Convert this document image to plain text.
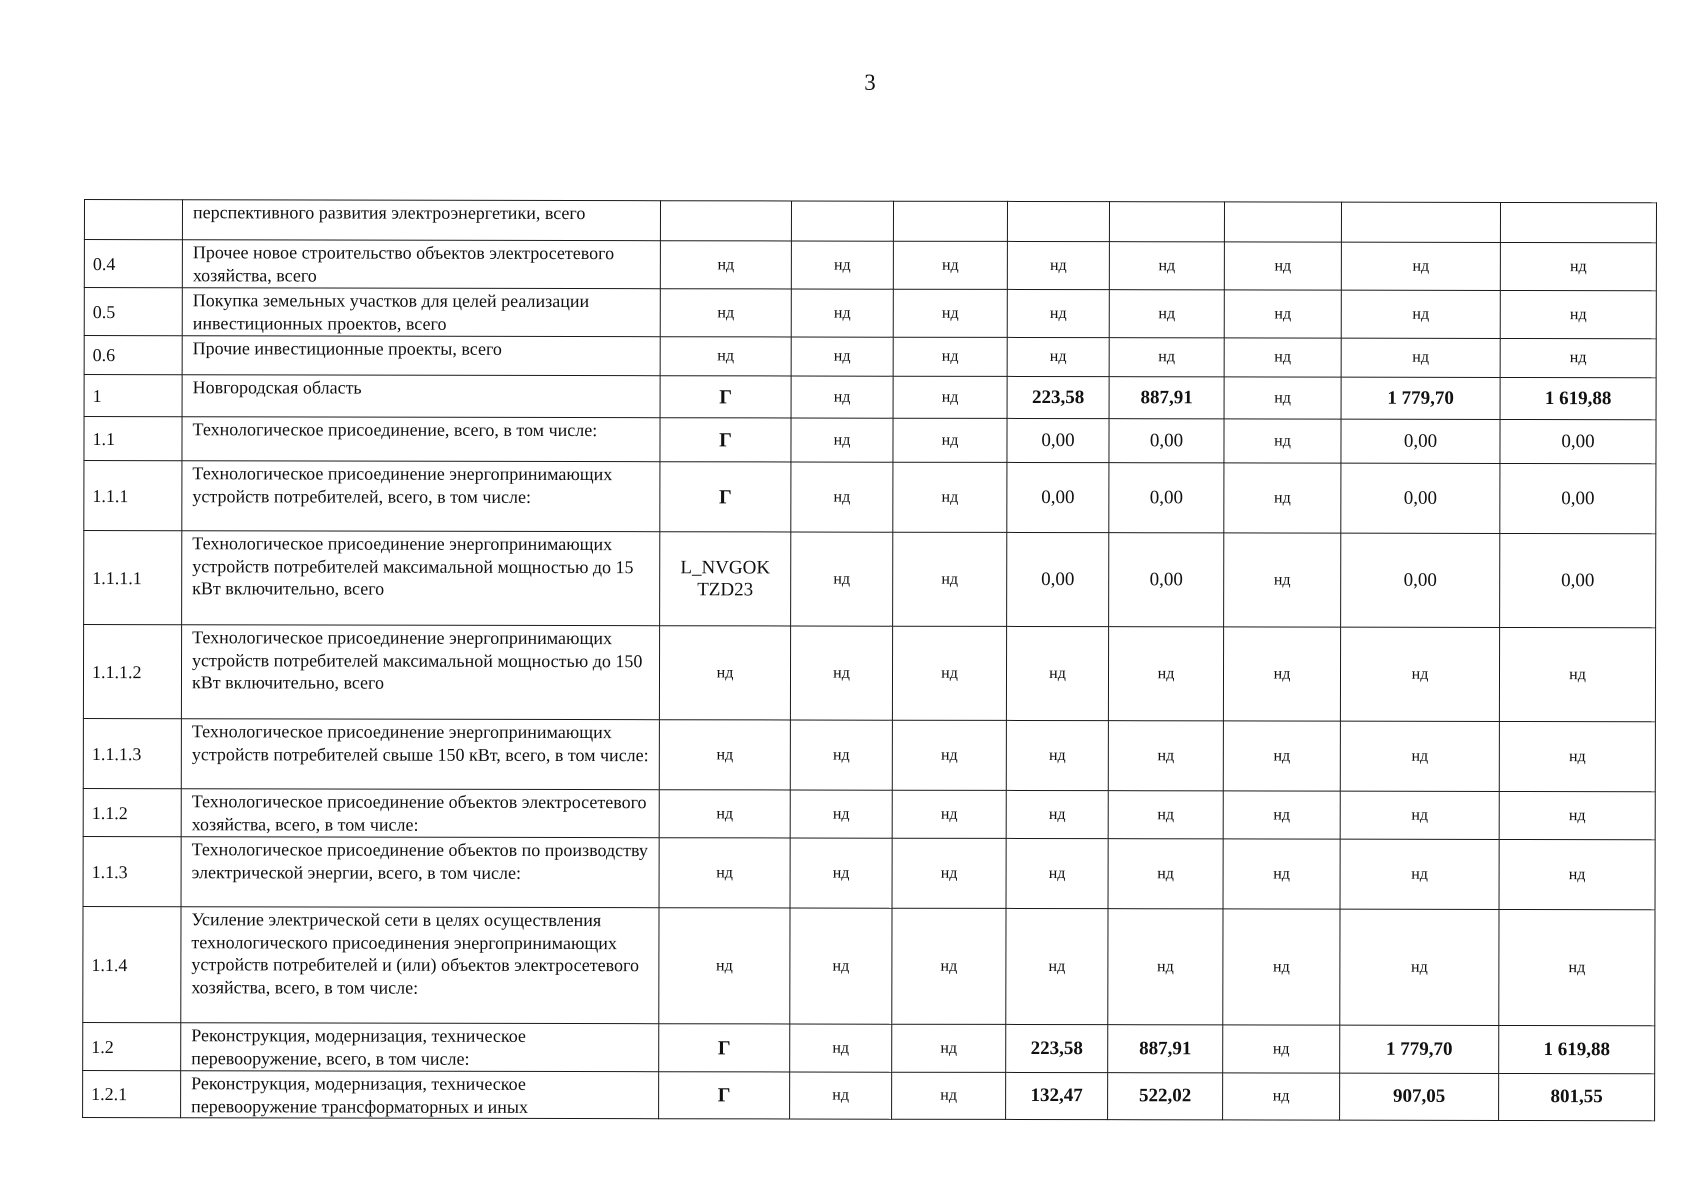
3
	перспективного развития электроэнергетики, всего								
0.4	Прочее новое строительство объектов электросетевого хозяйства, всего	нд	нд	нд	нд	нд	нд	нд	нд
0.5	Покупка земельных участков для целей реализации инвестиционных проектов, всего	нд	нд	нд	нд	нд	нд	нд	нд
0.6	Прочие инвестиционные проекты, всего	нд	нд	нд	нд	нд	нд	нд	нд
1	Новгородская область	Г	нд	нд	223,58	887,91	нд	1 779,70	1 619,88
1.1	Технологическое присоединение, всего, в том числе:	Г	нд	нд	0,00	0,00	нд	0,00	0,00
1.1.1	Технологическое присоединение энергопринимающих устройств потребителей, всего, в том числе:	Г	нд	нд	0,00	0,00	нд	0,00	0,00
1.1.1.1	Технологическое присоединение энергопринимающих устройств потребителей максимальной мощностью до 15 кВт включительно, всего	L_NVGOK TZD23	нд	нд	0,00	0,00	нд	0,00	0,00
1.1.1.2	Технологическое присоединение энергопринимающих устройств потребителей максимальной мощностью до 150 кВт включительно, всего	нд	нд	нд	нд	нд	нд	нд	нд
1.1.1.3	Технологическое присоединение энергопринимающих устройств потребителей свыше 150 кВт, всего, в том числе:	нд	нд	нд	нд	нд	нд	нд	нд
1.1.2	Технологическое присоединение объектов электросетевого хозяйства, всего, в том числе:	нд	нд	нд	нд	нд	нд	нд	нд
1.1.3	Технологическое присоединение объектов по производству электрической энергии, всего, в том числе:	нд	нд	нд	нд	нд	нд	нд	нд
1.1.4	Усиление электрической сети в целях осуществления технологического присоединения энергопринимающих устройств потребителей и (или) объектов электросетевого хозяйства, всего, в том числе:	нд	нд	нд	нд	нд	нд	нд	нд
1.2	Реконструкция, модернизация, техническое перевооружение, всего, в том числе:	Г	нд	нд	223,58	887,91	нд	1 779,70	1 619,88
1.2.1	Реконструкция, модернизация, техническое перевооружение трансформаторных и иных	Г	нд	нд	132,47	522,02	нд	907,05	801,55
